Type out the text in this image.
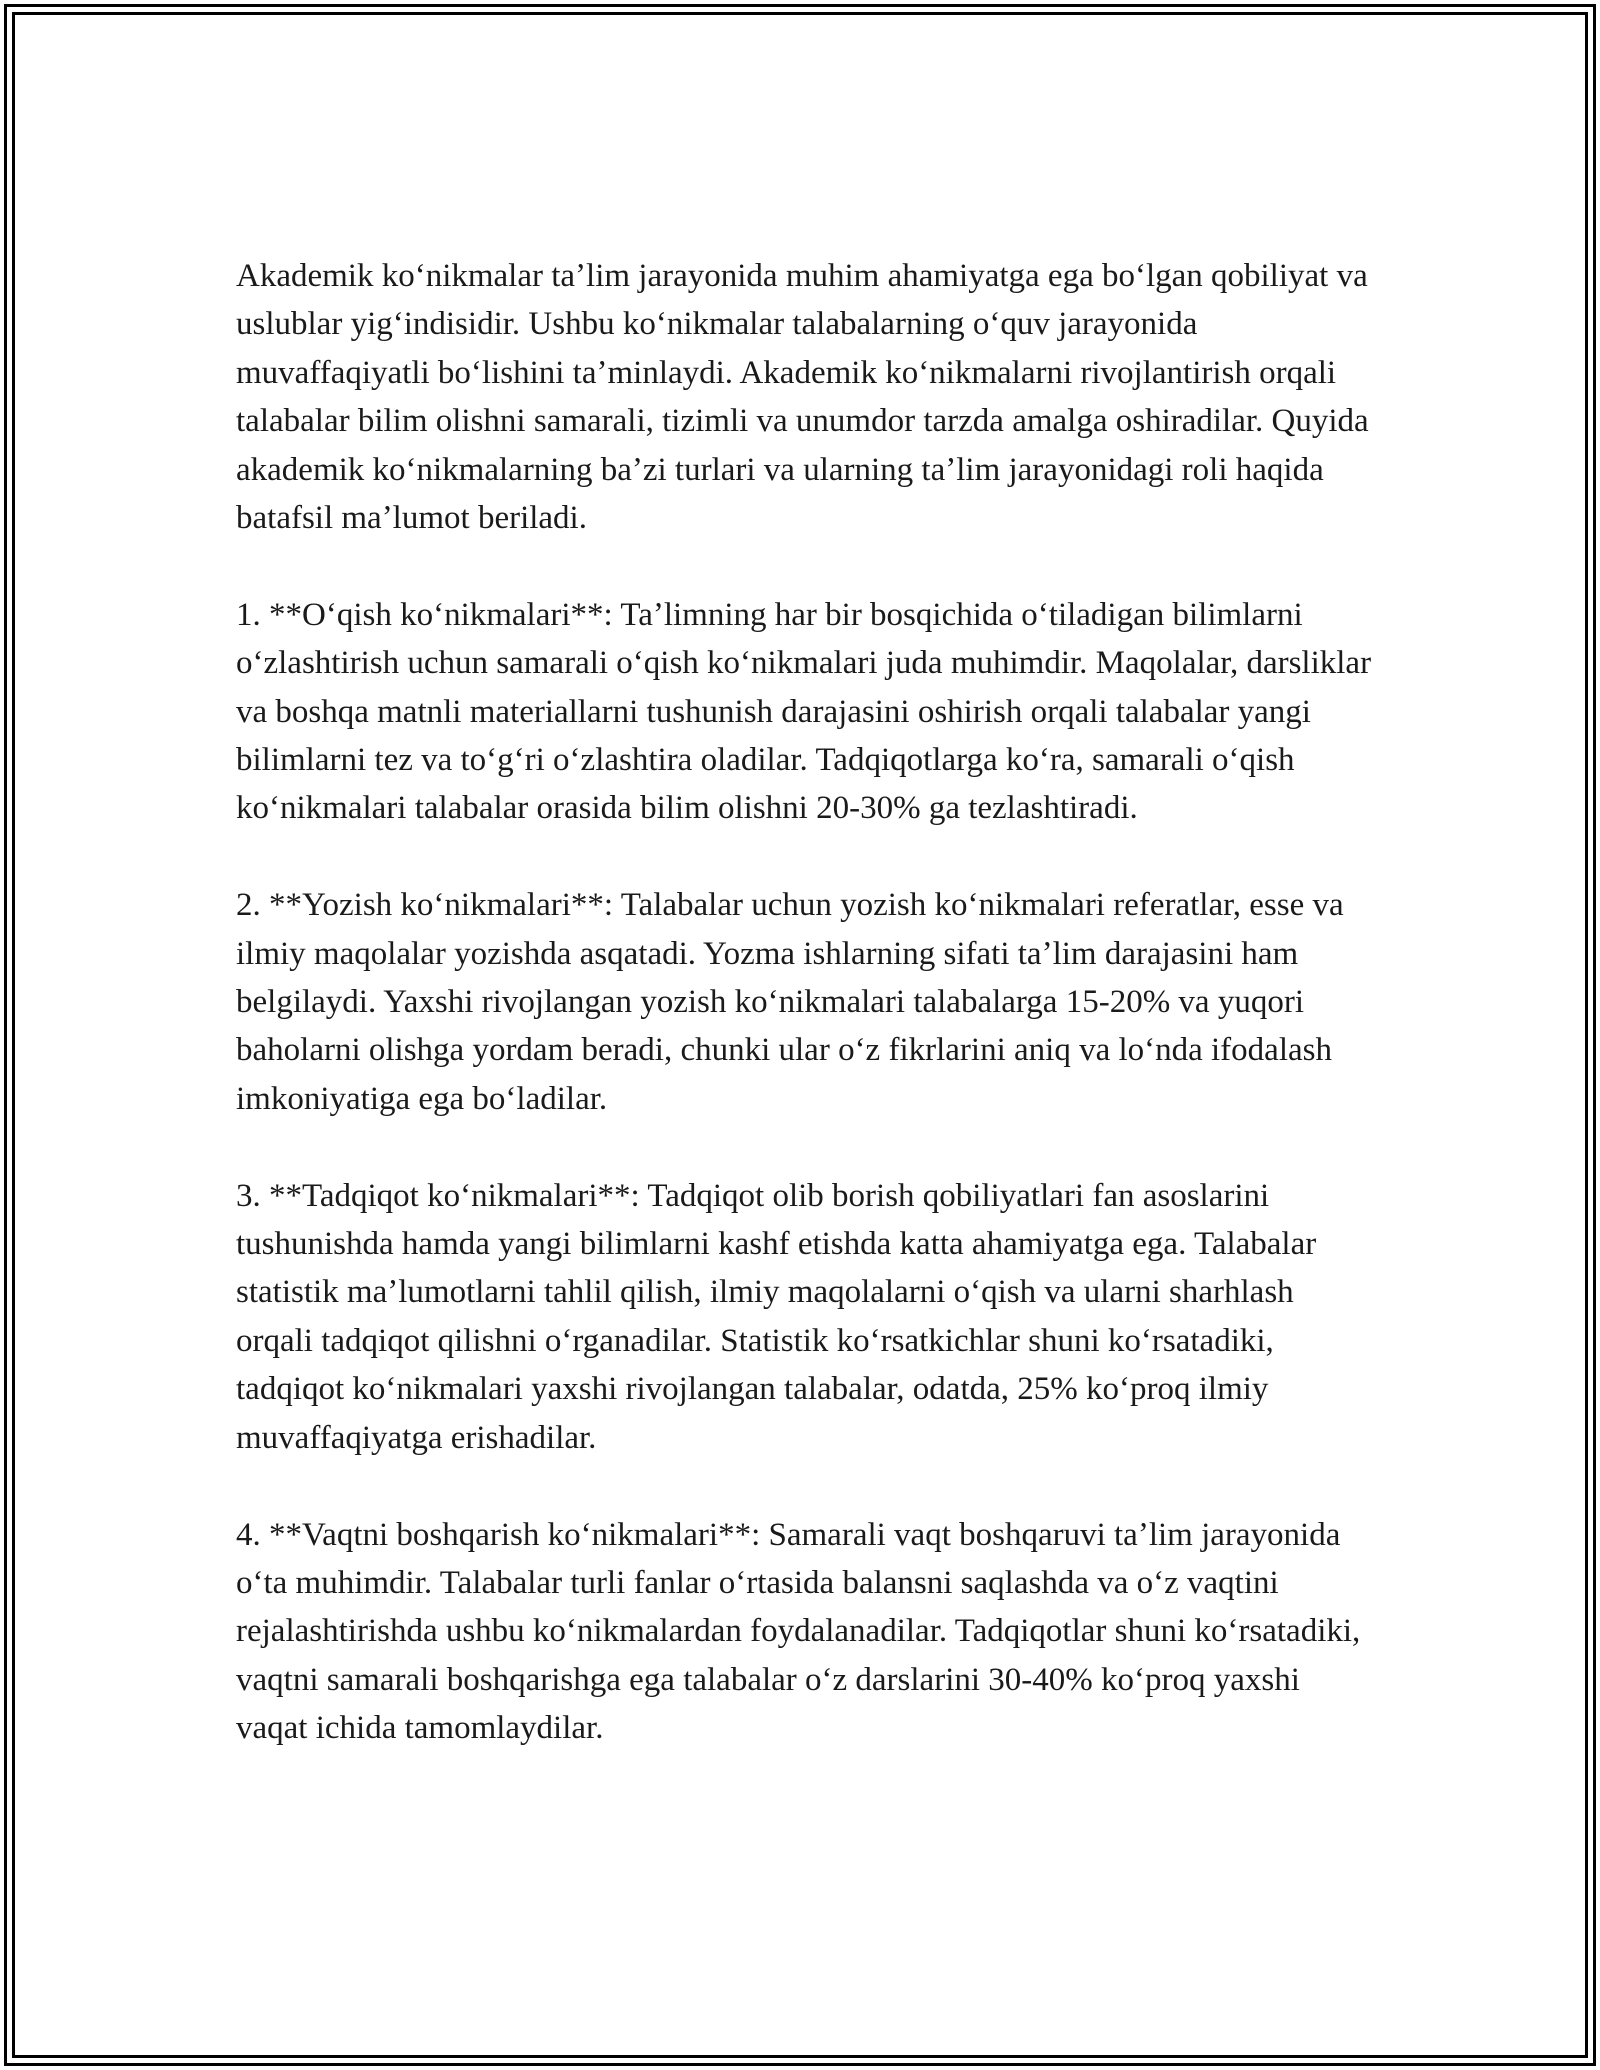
Akademik koʻnikmalar taʼlim jarayonida muhim ahamiyatga ega boʻlgan qobiliyat va uslublar yigʻindisidir. Ushbu koʻnikmalar talabalarning oʻquv jarayonida muvaffaqiyatli boʻlishini taʼminlaydi. Akademik koʻnikmalarni rivojlantirish orqali talabalar bilim olishni samarali, tizimli va unumdor tarzda amalga oshiradilar. Quyida akademik koʻnikmalarning baʼzi turlari va ularning taʼlim jarayonidagi roli haqida batafsil maʼlumot beriladi.

1. **Oʻqish koʻnikmalari**: Taʼlimning har bir bosqichida oʻtiladigan bilimlarni oʻzlashtirish uchun samarali oʻqish koʻnikmalari juda muhimdir. Maqolalar, darsliklar va boshqa matnli materiallarni tushunish darajasini oshirish orqali talabalar yangi bilimlarni tez va toʻgʻri oʻzlashtira oladilar. Tadqiqotlarga koʻra, samarali oʻqish koʻnikmalari talabalar orasida bilim olishni 20-30% ga tezlashtiradi.

2. **Yozish koʻnikmalari**: Talabalar uchun yozish koʻnikmalari referatlar, esse va ilmiy maqolalar yozishda asqatadi. Yozma ishlarning sifati taʼlim darajasini ham belgilaydi. Yaxshi rivojlangan yozish koʻnikmalari talabalarga 15-20% va yuqori baholarni olishga yordam beradi, chunki ular oʻz fikrlarini aniq va loʻnda ifodalash imkoniyatiga ega boʻladilar.

3. **Tadqiqot koʻnikmalari**: Tadqiqot olib borish qobiliyatlari fan asoslarini tushunishda hamda yangi bilimlarni kashf etishda katta ahamiyatga ega. Talabalar statistik maʼlumotlarni tahlil qilish, ilmiy maqolalarni oʻqish va ularni sharhlash orqali tadqiqot qilishni oʻrganadilar. Statistik koʻrsatkichlar shuni koʻrsatadiki, tadqiqot koʻnikmalari yaxshi rivojlangan talabalar, odatda, 25% koʻproq ilmiy muvaffaqiyatga erishadilar.

4. **Vaqtni boshqarish koʻnikmalari**: Samarali vaqt boshqaruvi taʼlim jarayonida oʻta muhimdir. Talabalar turli fanlar oʻrtasida balansni saqlashda va oʻz vaqtini rejalashtirishda ushbu koʻnikmalardan foydalanadilar. Tadqiqotlar shuni koʻrsatadiki, vaqtni samarali boshqarishga ega talabalar oʻz darslarini 30-40% koʻproq yaxshi vaqat ichida tamomlaydilar.
